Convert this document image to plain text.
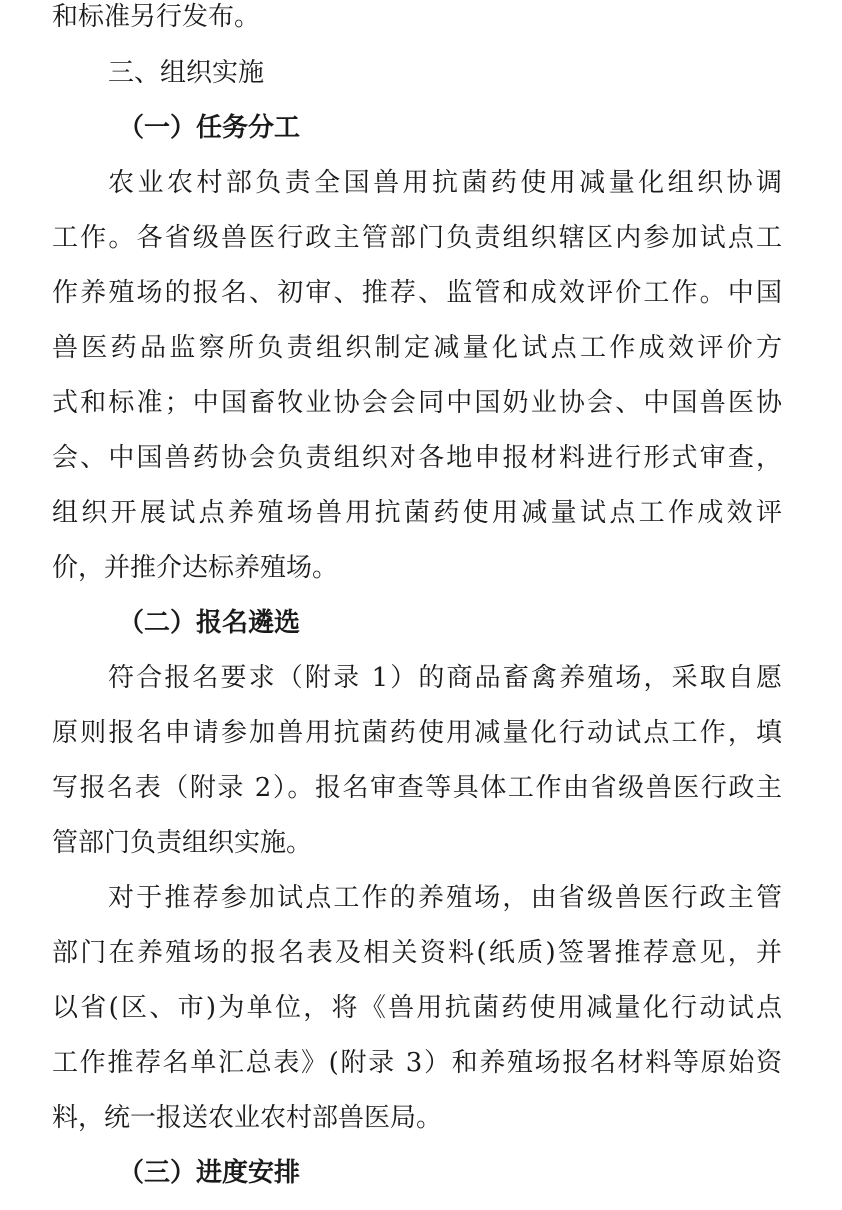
和标准另行发布。
三、组织实施
（一）任务分工
农业农村部负责全国兽用抗菌药使用减量化组织协调
工作。各省级兽医行政主管部门负责组织辖区内参加试点工
作养殖场的报名、初审、推荐、监管和成效评价工作。中国
兽医药品监察所负责组织制定减量化试点工作成效评价方
式和标准；中国畜牧业协会会同中国奶业协会、中国兽医协
会、中国兽药协会负责组织对各地申报材料进行形式审查，
组织开展试点养殖场兽用抗菌药使用减量试点工作成效评
价，并推介达标养殖场。
（二）报名遴选
符合报名要求（附录 1）的商品畜禽养殖场，采取自愿
原则报名申请参加兽用抗菌药使用减量化行动试点工作，填
写报名表（附录 2）。报名审查等具体工作由省级兽医行政主
管部门负责组织实施。
对于推荐参加试点工作的养殖场，由省级兽医行政主管
部门在养殖场的报名表及相关资料(纸质)签署推荐意见，并
以省(区、市)为单位，将《兽用抗菌药使用减量化行动试点
工作推荐名单汇总表》(附录 3）和养殖场报名材料等原始资
料，统一报送农业农村部兽医局。
（三）进度安排
